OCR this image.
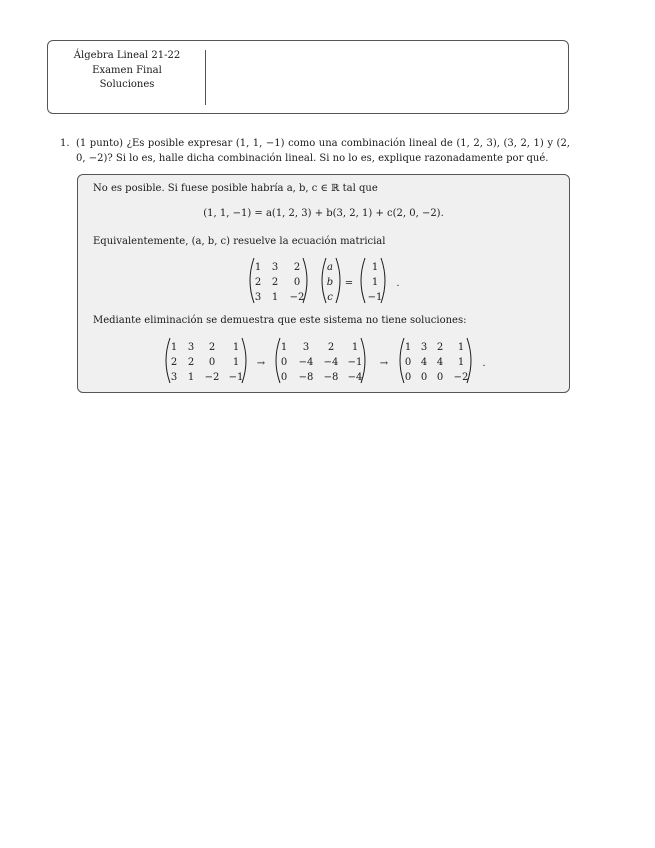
Álgebra Lineal 21-22
Examen Final
Soluciones
1. (1 punto) ¿Es posible expresar (1, 1, −1) como una combinación lineal de (1, 2, 3), (3, 2, 1) y (2, 0, −2)? Si lo es, halle dicha combinación lineal. Si no lo es, explique razonadamente por qué.
No es posible. Si fuese posible habría a, b, c ∈ ℝ tal que
(1, 1, −1) = a(1, 2, 3) + b(3, 2, 1) + c(2, 0, −2).
Equivalentemente, (a, b, c) resuelve la ecuación matricial
Mediante eliminación se demuestra que este sistema no tiene soluciones:
1 3 2
2 2 0
3 1 −2
a
b
c
=
1
1
−1
.
1 3 2 1
2 2 0 1
3 1 −2 −1
→
1 3 2 1
0 −4 −4 −1
0 −8 −8 −4
→
1 3 2 1
0 4 4 1
0 0 0 −2
.
